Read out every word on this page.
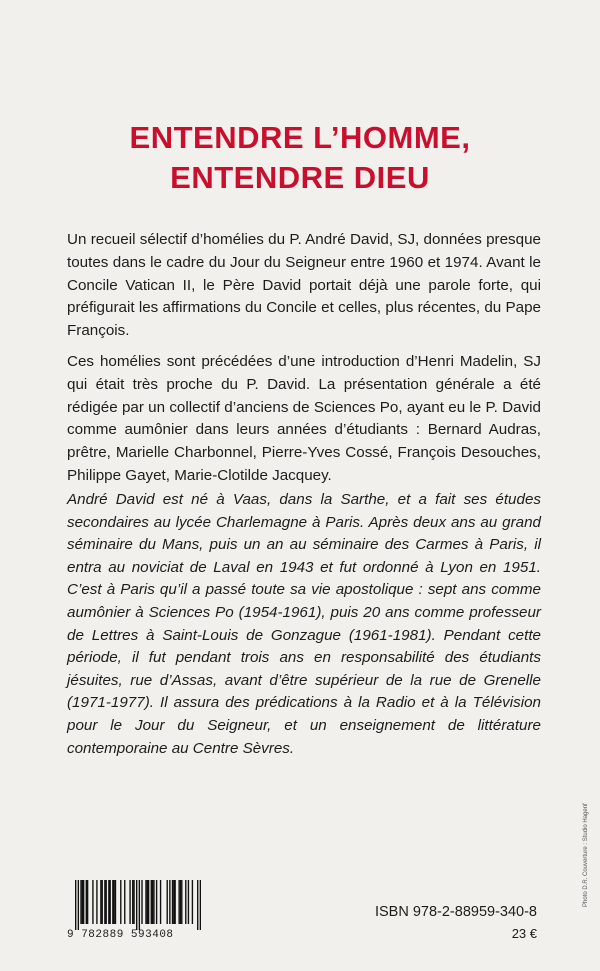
ENTENDRE L’HOMME,
ENTENDRE DIEU

Un recueil sélectif d’homélies du P. André David, SJ, données presque toutes dans le cadre du Jour du Seigneur entre 1960 et 1974. Avant le Concile Vatican II, le Père David portait déjà une parole forte, qui préfigurait les affirmations du Concile et celles, plus récentes, du Pape François.

Ces homélies sont précédées d’une introduction d’Henri Madelin, SJ qui était très proche du P. David. La présentation générale a été rédigée par un collectif d’anciens de Sciences Po, ayant eu le P. David comme aumônier dans leurs années d’étudiants : Bernard Audras, prêtre, Marielle Charbonnel, Pierre-Yves Cossé, François Desouches, Philippe Gayet, Marie-Clotilde Jacquey.

André David est né à Vaas, dans la Sarthe, et a fait ses études secondaires au lycée Charlemagne à Paris. Après deux ans au grand séminaire du Mans, puis un an au séminaire des Carmes à Paris, il entra au noviciat de Laval en 1943 et fut ordonné à Lyon en 1951. C’est à Paris qu’il a passé toute sa vie apostolique : sept ans comme aumônier à Sciences Po (1954-1961), puis 20 ans comme professeur de Lettres à Saint-Louis de Gonzague (1961-1981). Pendant cette période, il fut pendant trois ans en responsabilité des étudiants jésuites, rue d’Assas, avant d’être supérieur de la rue de Grenelle (1971-1977). Il assura des prédications à la Radio et à la Télévision pour le Jour du Seigneur, et un enseignement de littérature contemporaine au Centre Sèvres.

Photo D.R. Couverture : Studio Hagenf
9 782889 593408
ISBN 978-2-88959-340-8
23 €
